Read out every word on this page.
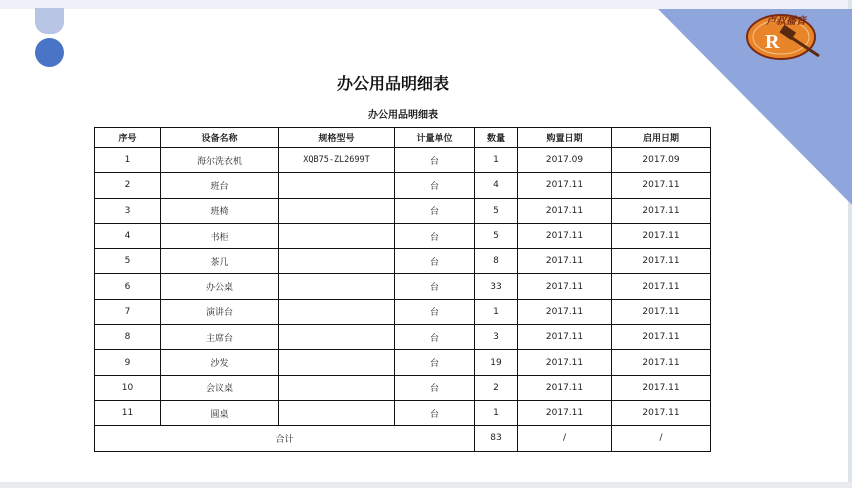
R
卢叔播音
办公用品明细表
办公用品明细表
序号	设备名称	规格型号	计量单位	数量	购置日期	启用日期
1	海尔洗衣机	XQB75-ZL2699T	台	1	2017.09	2017.09
2	班台		台	4	2017.11	2017.11
3	班椅		台	5	2017.11	2017.11
4	书柜		台	5	2017.11	2017.11
5	茶几		台	8	2017.11	2017.11
6	办公桌		台	33	2017.11	2017.11
7	演讲台		台	1	2017.11	2017.11
8	主席台		台	3	2017.11	2017.11
9	沙发		台	19	2017.11	2017.11
10	会议桌		台	2	2017.11	2017.11
11	圆桌		台	1	2017.11	2017.11
合计				83	/	/
